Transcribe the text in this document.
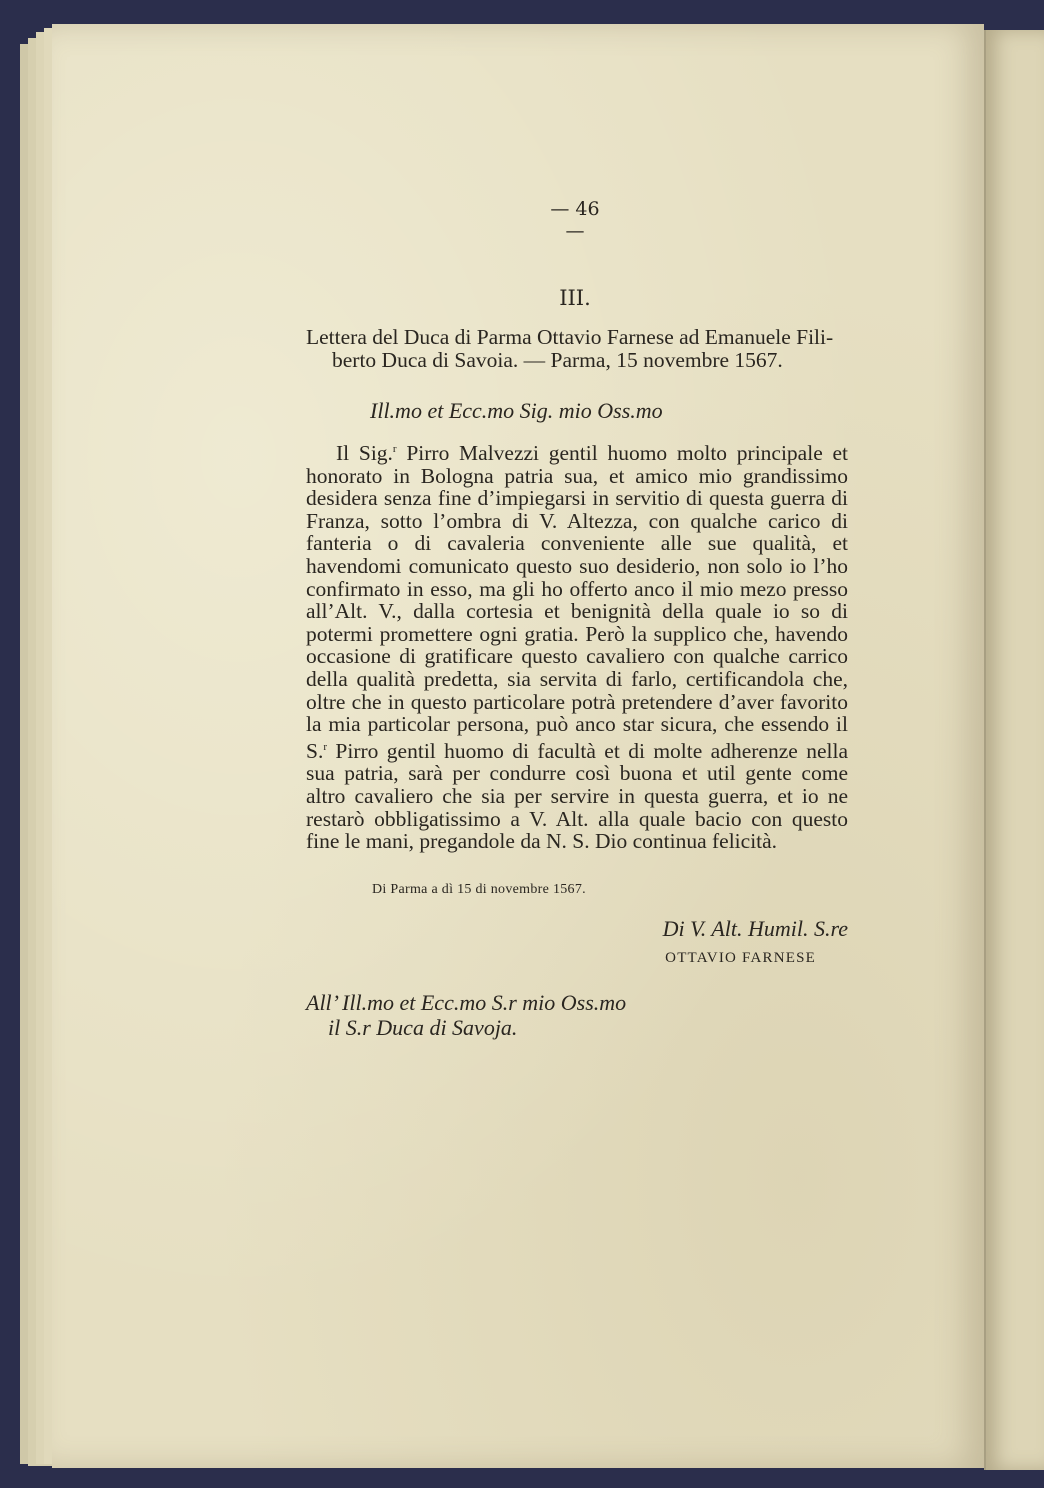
— 46 —
III.
Lettera del Duca di Parma Ottavio Farnese ad Emanuele Fili-
berto Duca di Savoia. — Parma, 15 novembre 1567.
Ill.mo et Ecc.mo Sig. mio Oss.mo
Il Sig.$^r$ Pirro Malvezzi gentil huomo molto principale et honorato in Bologna patria sua, et amico mio grandissimo desidera senza fine d’impiegarsi in servitio di questa guerra di Franza, sotto l’ombra di V. Altezza, con qualche carico di fanteria o di cavaleria conveniente alle sue qualità, et havendomi comunicato questo suo desiderio, non solo io l’ho confirmato in esso, ma gli ho offerto anco il mio mezo presso all’Alt. V., dalla cortesia et benignità della quale io so di potermi promettere ogni gratia. Però la supplico che, havendo occasione di gratificare questo cavaliero con qualche carrico della qualità predetta, sia servita di farlo, certificandola che, oltre che in questo particolare potrà pretendere d’aver favorito la mia particolar persona, può anco star sicura, che essendo il S.$^r$ Pirro gentil huomo di facultà et di molte adherenze nella sua patria, sarà per condurre così buona et util gente come altro cavaliero che sia per servire in questa guerra, et io ne restarò obbligatissimo a V. Alt. alla quale bacio con questo fine le mani, pregandole da N. S. Dio continua felicità.
Di Parma a dì 15 di novembre 1567.
Di V. Alt. Humil. S.re
OTTAVIO FARNESE
All’ Ill.mo et Ecc.mo S.r mio Oss.mo
il S.r Duca di Savoja.
